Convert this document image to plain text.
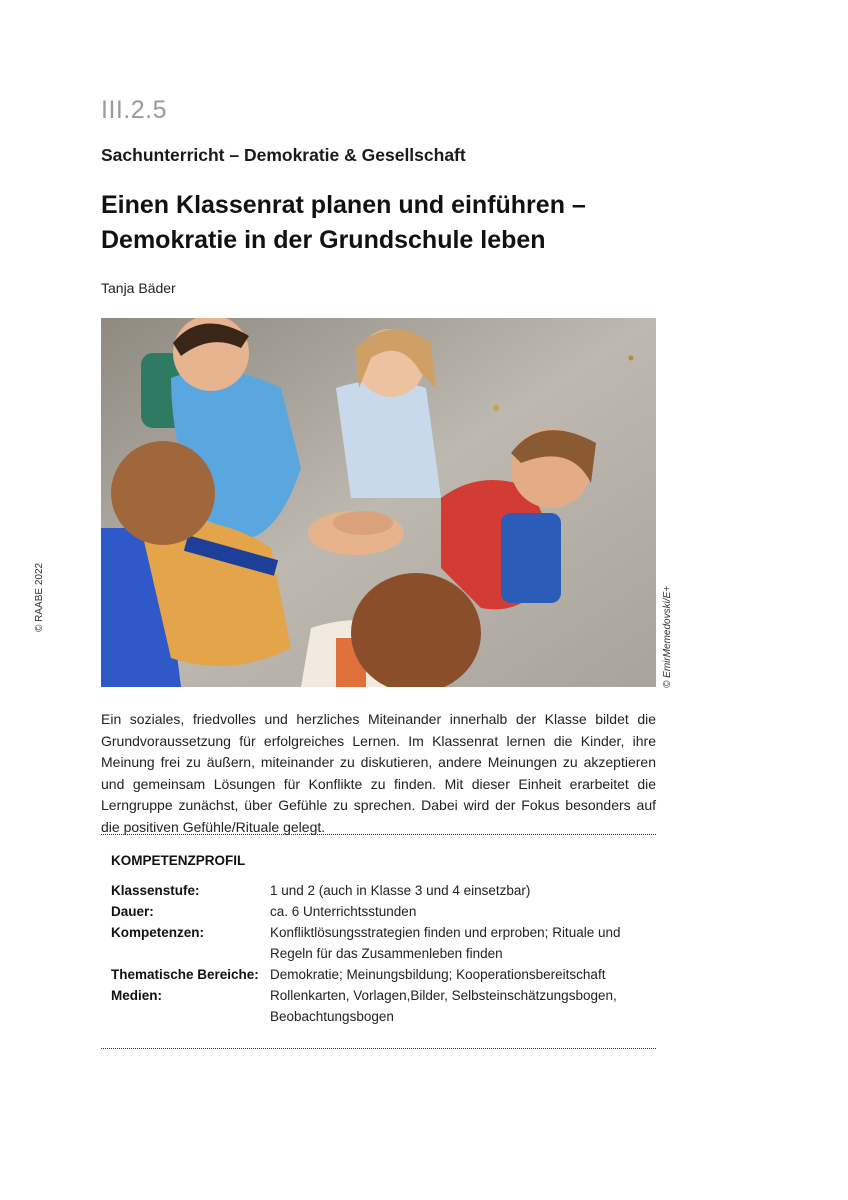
III.2.5
Sachunterricht – Demokratie & Gesellschaft
Einen Klassenrat planen und einführen – Demokratie in der Grundschule leben
Tanja Bäder
© RAABE 2022	© EmirMemedovski/E+

Ein soziales, friedvolles und herzliches Miteinander innerhalb der Klasse bildet die Grundvoraussetzung für erfolgreiches Lernen. Im Klassenrat lernen die Kinder, ihre Meinung frei zu äußern, miteinander zu diskutieren, andere Meinungen zu akzeptieren und gemeinsam Lösungen für Konflikte zu finden. Mit dieser Einheit erarbeitet die Lerngruppe zunächst, über Gefühle zu sprechen. Dabei wird der Fokus besonders auf die positiven Gefühle/Rituale gelegt.

KOMPETENZPROFIL
Klassenstufe:	1 und 2 (auch in Klasse 3 und 4 einsetzbar)
Dauer:	ca. 6 Unterrichtsstunden
Kompetenzen:	Konfliktlösungsstrategien finden und erproben; Rituale und Regeln für das Zusammenleben finden
Thematische Bereiche: Demokratie; Meinungsbildung; Kooperationsbereitschaft
Medien:	Rollenkarten, Vorlagen,Bilder, Selbsteinschätzungsbogen, Beobachtungsbogen
